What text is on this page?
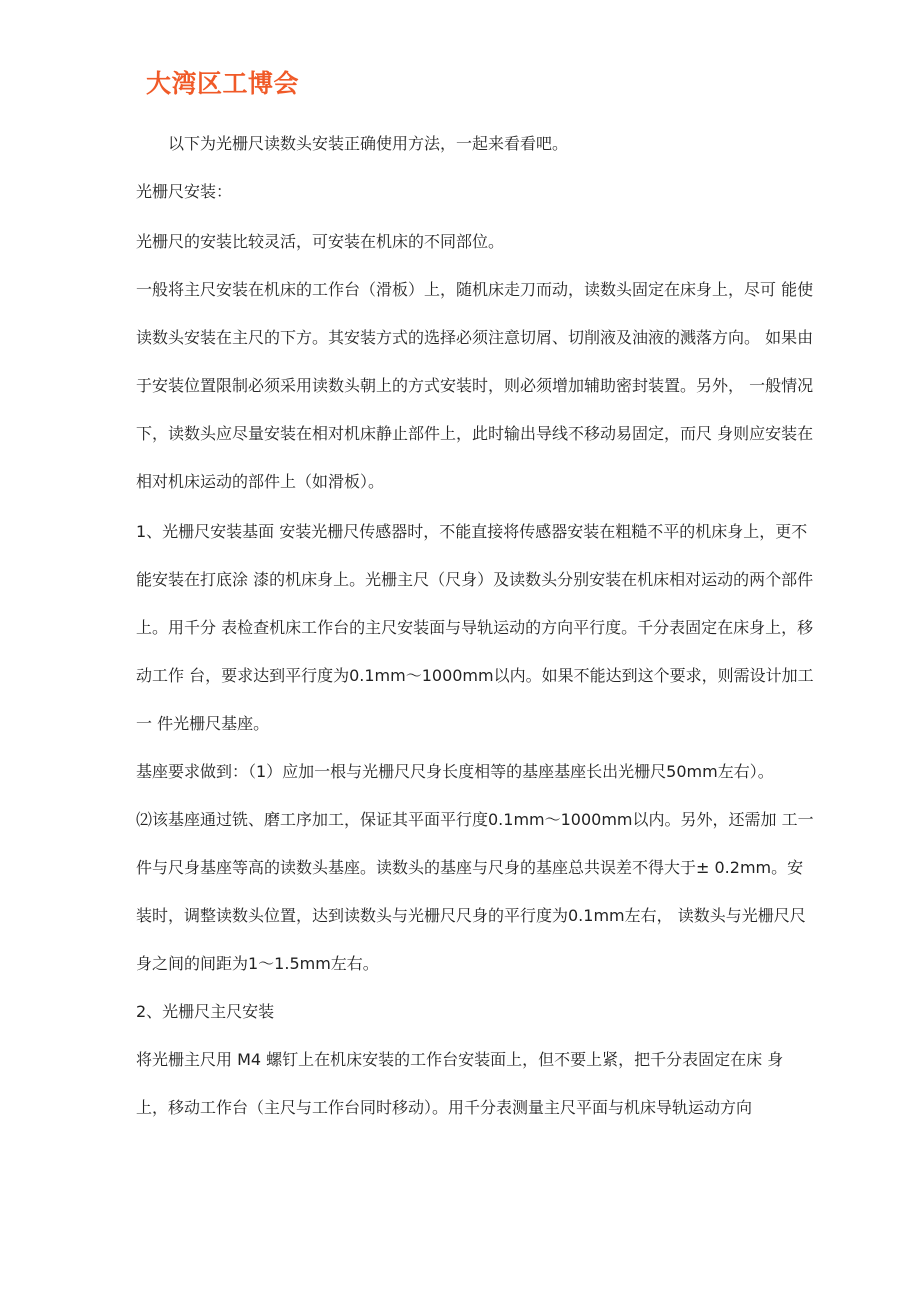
大湾区工博会
以下为光栅尺读数头安装正确使用方法，一起来看看吧。
光栅尺安装：
光栅尺的安装比较灵活，可安装在机床的不同部位。
一般将主尺安装在机床的工作台（滑板）上，随机床走刀而动，读数头固定在床身上，尽可 能使
读数头安装在主尺的下方。其安装方式的选择必须注意切屑、切削液及油液的溅落方向。 如果由
于安装位置限制必须采用读数头朝上的方式安装时，则必须增加辅助密封装置。另外， 一般情况
下，读数头应尽量安装在相对机床静止部件上，此时输出导线不移动易固定，而尺 身则应安装在
相对机床运动的部件上（如滑板）。
1、光栅尺安装基面 安装光栅尺传感器时，不能直接将传感器安装在粗糙不平的机床身上，更不
能安装在打底涂 漆的机床身上。光栅主尺（尺身）及读数头分别安装在机床相对运动的两个部件
上。用千分 表检查机床工作台的主尺安装面与导轨运动的方向平行度。千分表固定在床身上，移
动工作 台，要求达到平行度为0.1mm～1000mm以内。如果不能达到这个要求，则需设计加工
一 件光栅尺基座。
基座要求做到：（1）应加一根与光栅尺尺身长度相等的基座基座长出光栅尺50mm左右）。
⑵该基座通过铣、磨工序加工，保证其平面平行度0.1mm～1000mm以内。另外，还需加 工一
件与尺身基座等高的读数头基座。读数头的基座与尺身的基座总共误差不得大于± 0.2mm。安
装时，调整读数头位置，达到读数头与光栅尺尺身的平行度为0.1mm左右， 读数头与光栅尺尺
身之间的间距为1～1.5mm左右。
2、光栅尺主尺安装
将光栅主尺用 M4 螺钉上在机床安装的工作台安装面上，但不要上紧，把千分表固定在床 身
上，移动工作台（主尺与工作台同时移动）。用千分表测量主尺平面与机床导轨运动方向
